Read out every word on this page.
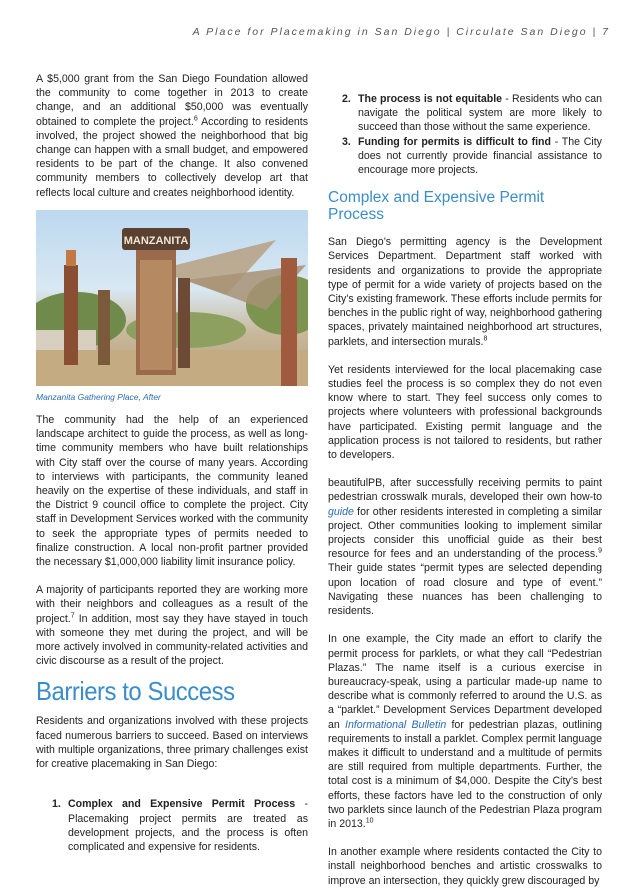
A Place for Placemaking in San Diego | Circulate San Diego | 7

A $5,000 grant from the San Diego Foundation allowed the community to come together in 2013 to create change, and an additional $50,000 was eventually obtained to complete the project.$^6$ According to residents involved, the project showed the neighborhood that big change can happen with a small budget, and empowered residents to be part of the change. It also convened community members to collectively develop art that reflects local culture and creates neighborhood identity.

MANZANITA
Manzanita Gathering Place, After

The community had the help of an experienced landscape architect to guide the process, as well as long-time community members who have built relationships with City staff over the course of many years. According to interviews with participants, the community leaned heavily on the expertise of these individuals, and staff in the District 9 council office to complete the project. City staff in Development Services worked with the community to seek the appropriate types of permits needed to finalize construction. A local non-profit partner provided the necessary $1,000,000 liability limit insurance policy.

A majority of participants reported they are working more with their neighbors and colleagues as a result of the project.$^7$ In addition, most say they have stayed in touch with someone they met during the project, and will be more actively involved in community-related activities and civic discourse as a result of the project.

Barriers to Success

Residents and organizations involved with these projects faced numerous barriers to succeed. Based on interviews with multiple organizations, three primary challenges exist for creative placemaking in San Diego:

1. Complex and Expensive Permit Process - Placemaking project permits are treated as development projects, and the process is often complicated and expensive for residents.
2. The process is not equitable - Residents who can navigate the political system are more likely to succeed than those without the same experience.
3. Funding for permits is difficult to find - The City does not currently provide financial assistance to encourage more projects.
Complex and Expensive Permit Process

San Diego’s permitting agency is the Development Services Department. Department staff worked with residents and organizations to provide the appropriate type of permit for a wide variety of projects based on the City’s existing framework. These efforts include permits for benches in the public right of way, neighborhood gathering spaces, privately maintained neighborhood art structures, parklets, and intersection murals.$^8$

Yet residents interviewed for the local placemaking case studies feel the process is so complex they do not even know where to start. They feel success only comes to projects where volunteers with professional backgrounds have participated. Existing permit language and the application process is not tailored to residents, but rather to developers.

beautifulPB, after successfully receiving permits to paint pedestrian crosswalk murals, developed their own how-to guide for other residents interested in completing a similar project. Other communities looking to implement similar projects consider this unofficial guide as their best resource for fees and an understanding of the process.$^9$ Their guide states “permit types are selected depending upon location of road closure and type of event.” Navigating these nuances has been challenging to residents.

In one example, the City made an effort to clarify the permit process for parklets, or what they call “Pedestrian Plazas.” The name itself is a curious exercise in bureaucracy-speak, using a particular made-up name to describe what is commonly referred to around the U.S. as a “parklet.” Development Services Department developed an Informational Bulletin for pedestrian plazas, outlining requirements to install a parklet. Complex permit language makes it difficult to understand and a multitude of permits are still required from multiple departments. Further, the total cost is a minimum of $4,000. Despite the City’s best efforts, these factors have led to the construction of only two parklets since launch of the Pedestrian Plaza program in 2013.10

In another example where residents contacted the City to install neighborhood benches and artistic crosswalks to improve an intersection, they quickly grew discouraged by
